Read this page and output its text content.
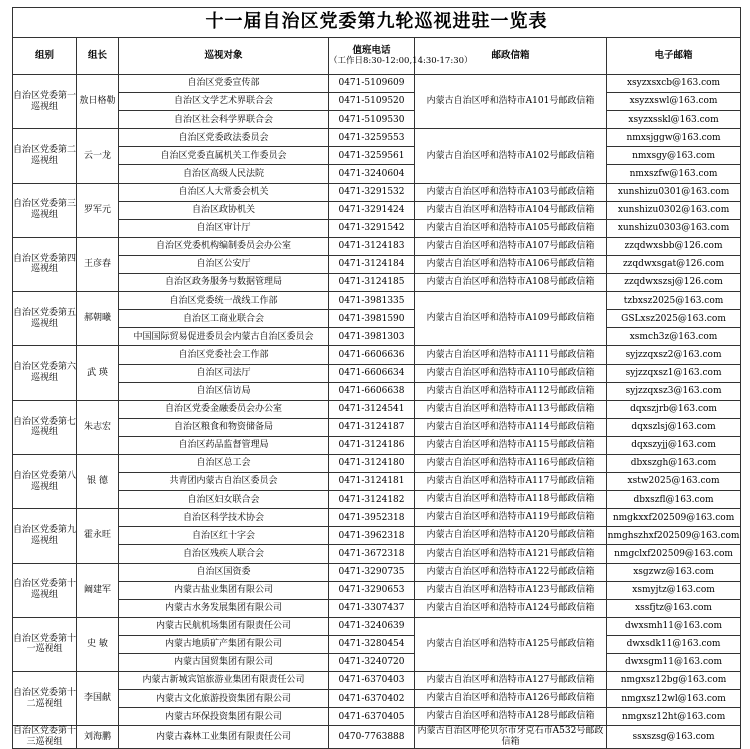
十一届自治区党委第九轮巡视进驻一览表					
组别	组长	巡视对象	值班电话
（工作日8:30-12:00,14:30-17:30）	邮政信箱	电子邮箱
自治区党委第一巡视组	敖日格勒	自治区党委宣传部	0471-5109609	内蒙古自治区呼和浩特市A101号邮政信箱	xsyzxsxcb@163.com
		自治区文学艺术界联合会	0471-5109520		xsyzxswl@163.com
		自治区社会科学界联合会	0471-5109530		xsyzxsskl@163.com
自治区党委第二巡视组	云一龙	自治区党委政法委员会	0471-3259553	内蒙古自治区呼和浩特市A102号邮政信箱	nmxsjggw@163.com
		自治区党委直属机关工作委员会	0471-3259561		nmxsgy@163.com
		自治区高级人民法院	0471-3240604		nmxszfw@163.com
自治区党委第三巡视组	罗军元	自治区人大常委会机关	0471-3291532	内蒙古自治区呼和浩特市A103号邮政信箱	xunshizu0301@163.com
		自治区政协机关	0471-3291424	内蒙古自治区呼和浩特市A104号邮政信箱	xunshizu0302@163.com
		自治区审计厅	0471-3291542	内蒙古自治区呼和浩特市A105号邮政信箱	xunshizu0303@163.com
自治区党委第四巡视组	王彦春	自治区党委机构编制委员会办公室	0471-3124183	内蒙古自治区呼和浩特市A107号邮政信箱	zzqdwxsbb@126.com
		自治区公安厅	0471-3124184	内蒙古自治区呼和浩特市A106号邮政信箱	zzqdwxsgat@126.com
		自治区政务服务与数据管理局	0471-3124185	内蒙古自治区呼和浩特市A108号邮政信箱	zzqdwxszsj@126.com
自治区党委第五巡视组	郝朝曦	自治区党委统一战线工作部	0471-3981335	内蒙古自治区呼和浩特市A109号邮政信箱	tzbxsz2025@163.com
		自治区工商业联合会	0471-3981590		GSLxsz2025@163.com
		中国国际贸易促进委员会内蒙古自治区委员会	0471-3981303		xsmch3z@163.com
自治区党委第六巡视组	武 瑛	自治区党委社会工作部	0471-6606636	内蒙古自治区呼和浩特市A111号邮政信箱	syjzzqxsz2@163.com
		自治区司法厅	0471-6606634	内蒙古自治区呼和浩特市A110号邮政信箱	syjzzqxsz1@163.com
		自治区信访局	0471-6606638	内蒙古自治区呼和浩特市A112号邮政信箱	syjzzqxsz3@163.com
自治区党委第七巡视组	朱志宏	自治区党委金融委员会办公室	0471-3124541	内蒙古自治区呼和浩特市A113号邮政信箱	dqxszjrb@163.com
		自治区粮食和物资储备局	0471-3124187	内蒙古自治区呼和浩特市A114号邮政信箱	dqxszlsj@163.com
		自治区药品监督管理局	0471-3124186	内蒙古自治区呼和浩特市A115号邮政信箱	dqxszyjj@163.com
自治区党委第八巡视组	银 德	自治区总工会	0471-3124180	内蒙古自治区呼和浩特市A116号邮政信箱	dbxszgh@163.com
		共青团内蒙古自治区委员会	0471-3124181	内蒙古自治区呼和浩特市A117号邮政信箱	xstw2025@163.com
		自治区妇女联合会	0471-3124182	内蒙古自治区呼和浩特市A118号邮政信箱	dbxszfl@163.com
自治区党委第九巡视组	霍永旺	自治区科学技术协会	0471-3952318	内蒙古自治区呼和浩特市A119号邮政信箱	nmgkxxf202509@163.com
		自治区红十字会	0471-3962318	内蒙古自治区呼和浩特市A120号邮政信箱	nmghszhxf202509@163.com
		自治区残疾人联合会	0471-3672318	内蒙古自治区呼和浩特市A121号邮政信箱	nmgclxf202509@163.com
自治区党委第十巡视组	阚建军	自治区国资委	0471-3290735	内蒙古自治区呼和浩特市A122号邮政信箱	xsgzwz@163.com
		内蒙古盐业集团有限公司	0471-3290653	内蒙古自治区呼和浩特市A123号邮政信箱	xsmyjtz@163.com
		内蒙古水务发展集团有限公司	0471-3307437	内蒙古自治区呼和浩特市A124号邮政信箱	xssfjtz@163.com
自治区党委第十一巡视组	史 敏	内蒙古民航机场集团有限责任公司	0471-3240639	内蒙古自治区呼和浩特市A125号邮政信箱	dwxsmh11@163.com
		内蒙古地质矿产集团有限公司	0471-3280454		dwxsdk11@163.com
		内蒙古国贸集团有限公司	0471-3240720		dwxsgm11@163.com
自治区党委第十二巡视组	李国献	内蒙古新城宾馆旅游业集团有限责任公司	0471-6370403	内蒙古自治区呼和浩特市A127号邮政信箱	nmgxsz12bg@163.com
		内蒙古文化旅游投资集团有限公司	0471-6370402	内蒙古自治区呼和浩特市A126号邮政信箱	nmgxsz12wl@163.com
		内蒙古环保投资集团有限公司	0471-6370405	内蒙古自治区呼和浩特市A128号邮政信箱	nmgxsz12ht@163.com
自治区党委第十三巡视组	刘海鹏	内蒙古森林工业集团有限责任公司	0470-7763888	内蒙古自治区呼伦贝尔市牙克石市A532号邮政信箱	ssxszsg@163.com
